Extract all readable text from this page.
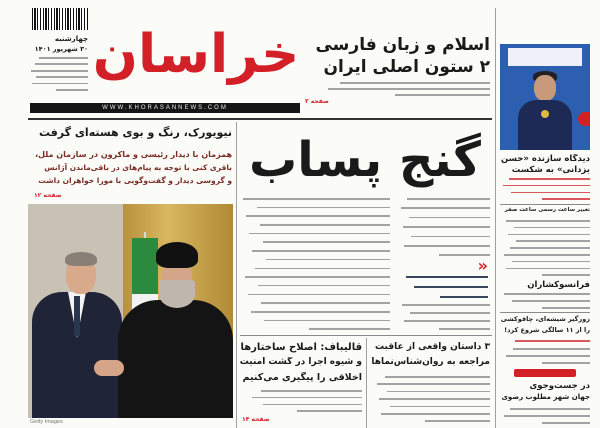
چهارشنبه
۳۰ شهریور ۱۴۰۱ خراسان
WWW.KHORASANNEWS.COM
اسلام و زبان فارسی
۲ ستون اصلی ایران
صفحه ۳
نیویورک، رنگ و بوی هسته‌ای گرفت
همزمان با دیدار رئیسی و ماکرون در سازمان ملل،
باقری کنی با توجه به پیام‌های در باقی‌ماندن آژانس
و گروسی دیدار و گفت‌وگویی با مورا خواهران داشت
صفحه ۱۲
Getty Images
گنج پساب
«
قالیباف: اصلاح ساختارها
و شیوه اجرا در گشت امنیت
اخلاقی را پیگیری می‌کنیم
صفحه ۱۴
۳ داستان واقعی از عاقبت
مراجعه به روان‌شناس‌نماها
دیدگاه سازنده «حسن
یزدانی» به شکست
تغییر ساعت رسمی ساعت صفر
فرانسوکشاران
زورگیر شیشه‌ای، چاقوکشی
را از ۱۱ سالگی شروع کرد!
در جست‌وجوی
جهان شهر مطلوب رضوی
